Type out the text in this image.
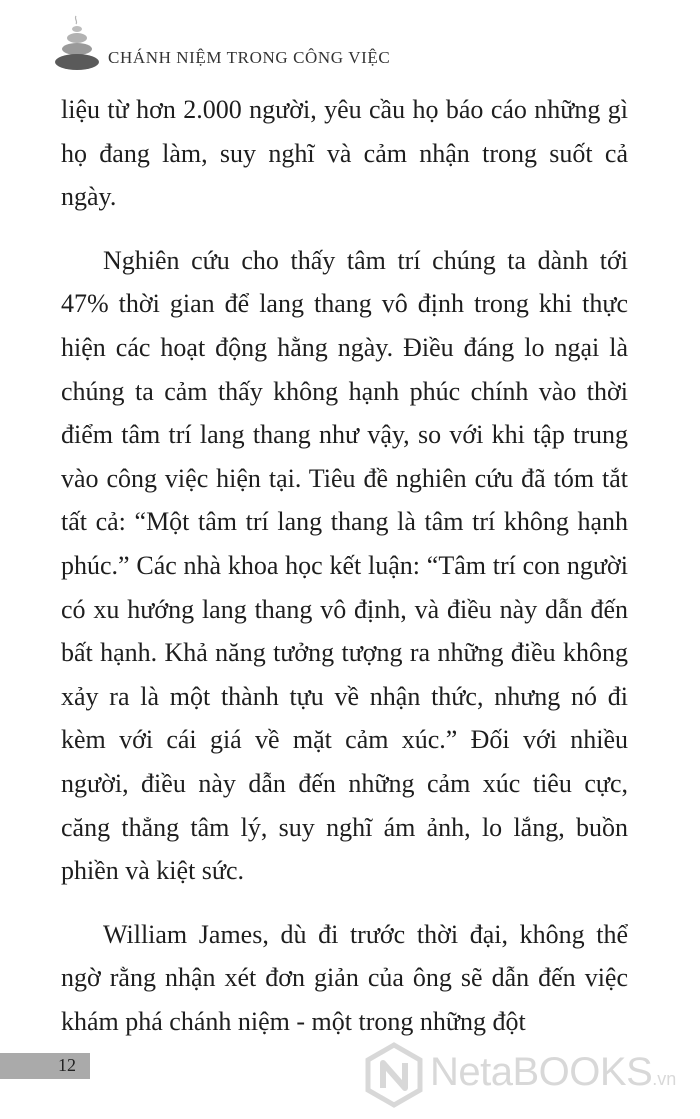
CHÁNH NIỆM TRONG CÔNG VIỆC

liệu từ hơn 2.000 người, yêu cầu họ báo cáo những gì họ đang làm, suy nghĩ và cảm nhận trong suốt cả ngày.

Nghiên cứu cho thấy tâm trí chúng ta dành tới 47% thời gian để lang thang vô định trong khi thực hiện các hoạt động hằng ngày. Điều đáng lo ngại là chúng ta cảm thấy không hạnh phúc chính vào thời điểm tâm trí lang thang như vậy, so với khi tập trung vào công việc hiện tại. Tiêu đề nghiên cứu đã tóm tắt tất cả: “Một tâm trí lang thang là tâm trí không hạnh phúc.” Các nhà khoa học kết luận: “Tâm trí con người có xu hướng lang thang vô định, và điều này dẫn đến bất hạnh. Khả năng tưởng tượng ra những điều không xảy ra là một thành tựu về nhận thức, nhưng nó đi kèm với cái giá về mặt cảm xúc.” Đối với nhiều người, điều này dẫn đến những cảm xúc tiêu cực, căng thẳng tâm lý, suy nghĩ ám ảnh, lo lắng, buồn phiền và kiệt sức.

William James, dù đi trước thời đại, không thể ngờ rằng nhận xét đơn giản của ông sẽ dẫn đến việc khám phá chánh niệm - một trong những đột

12	NetaBOOKS.vn
